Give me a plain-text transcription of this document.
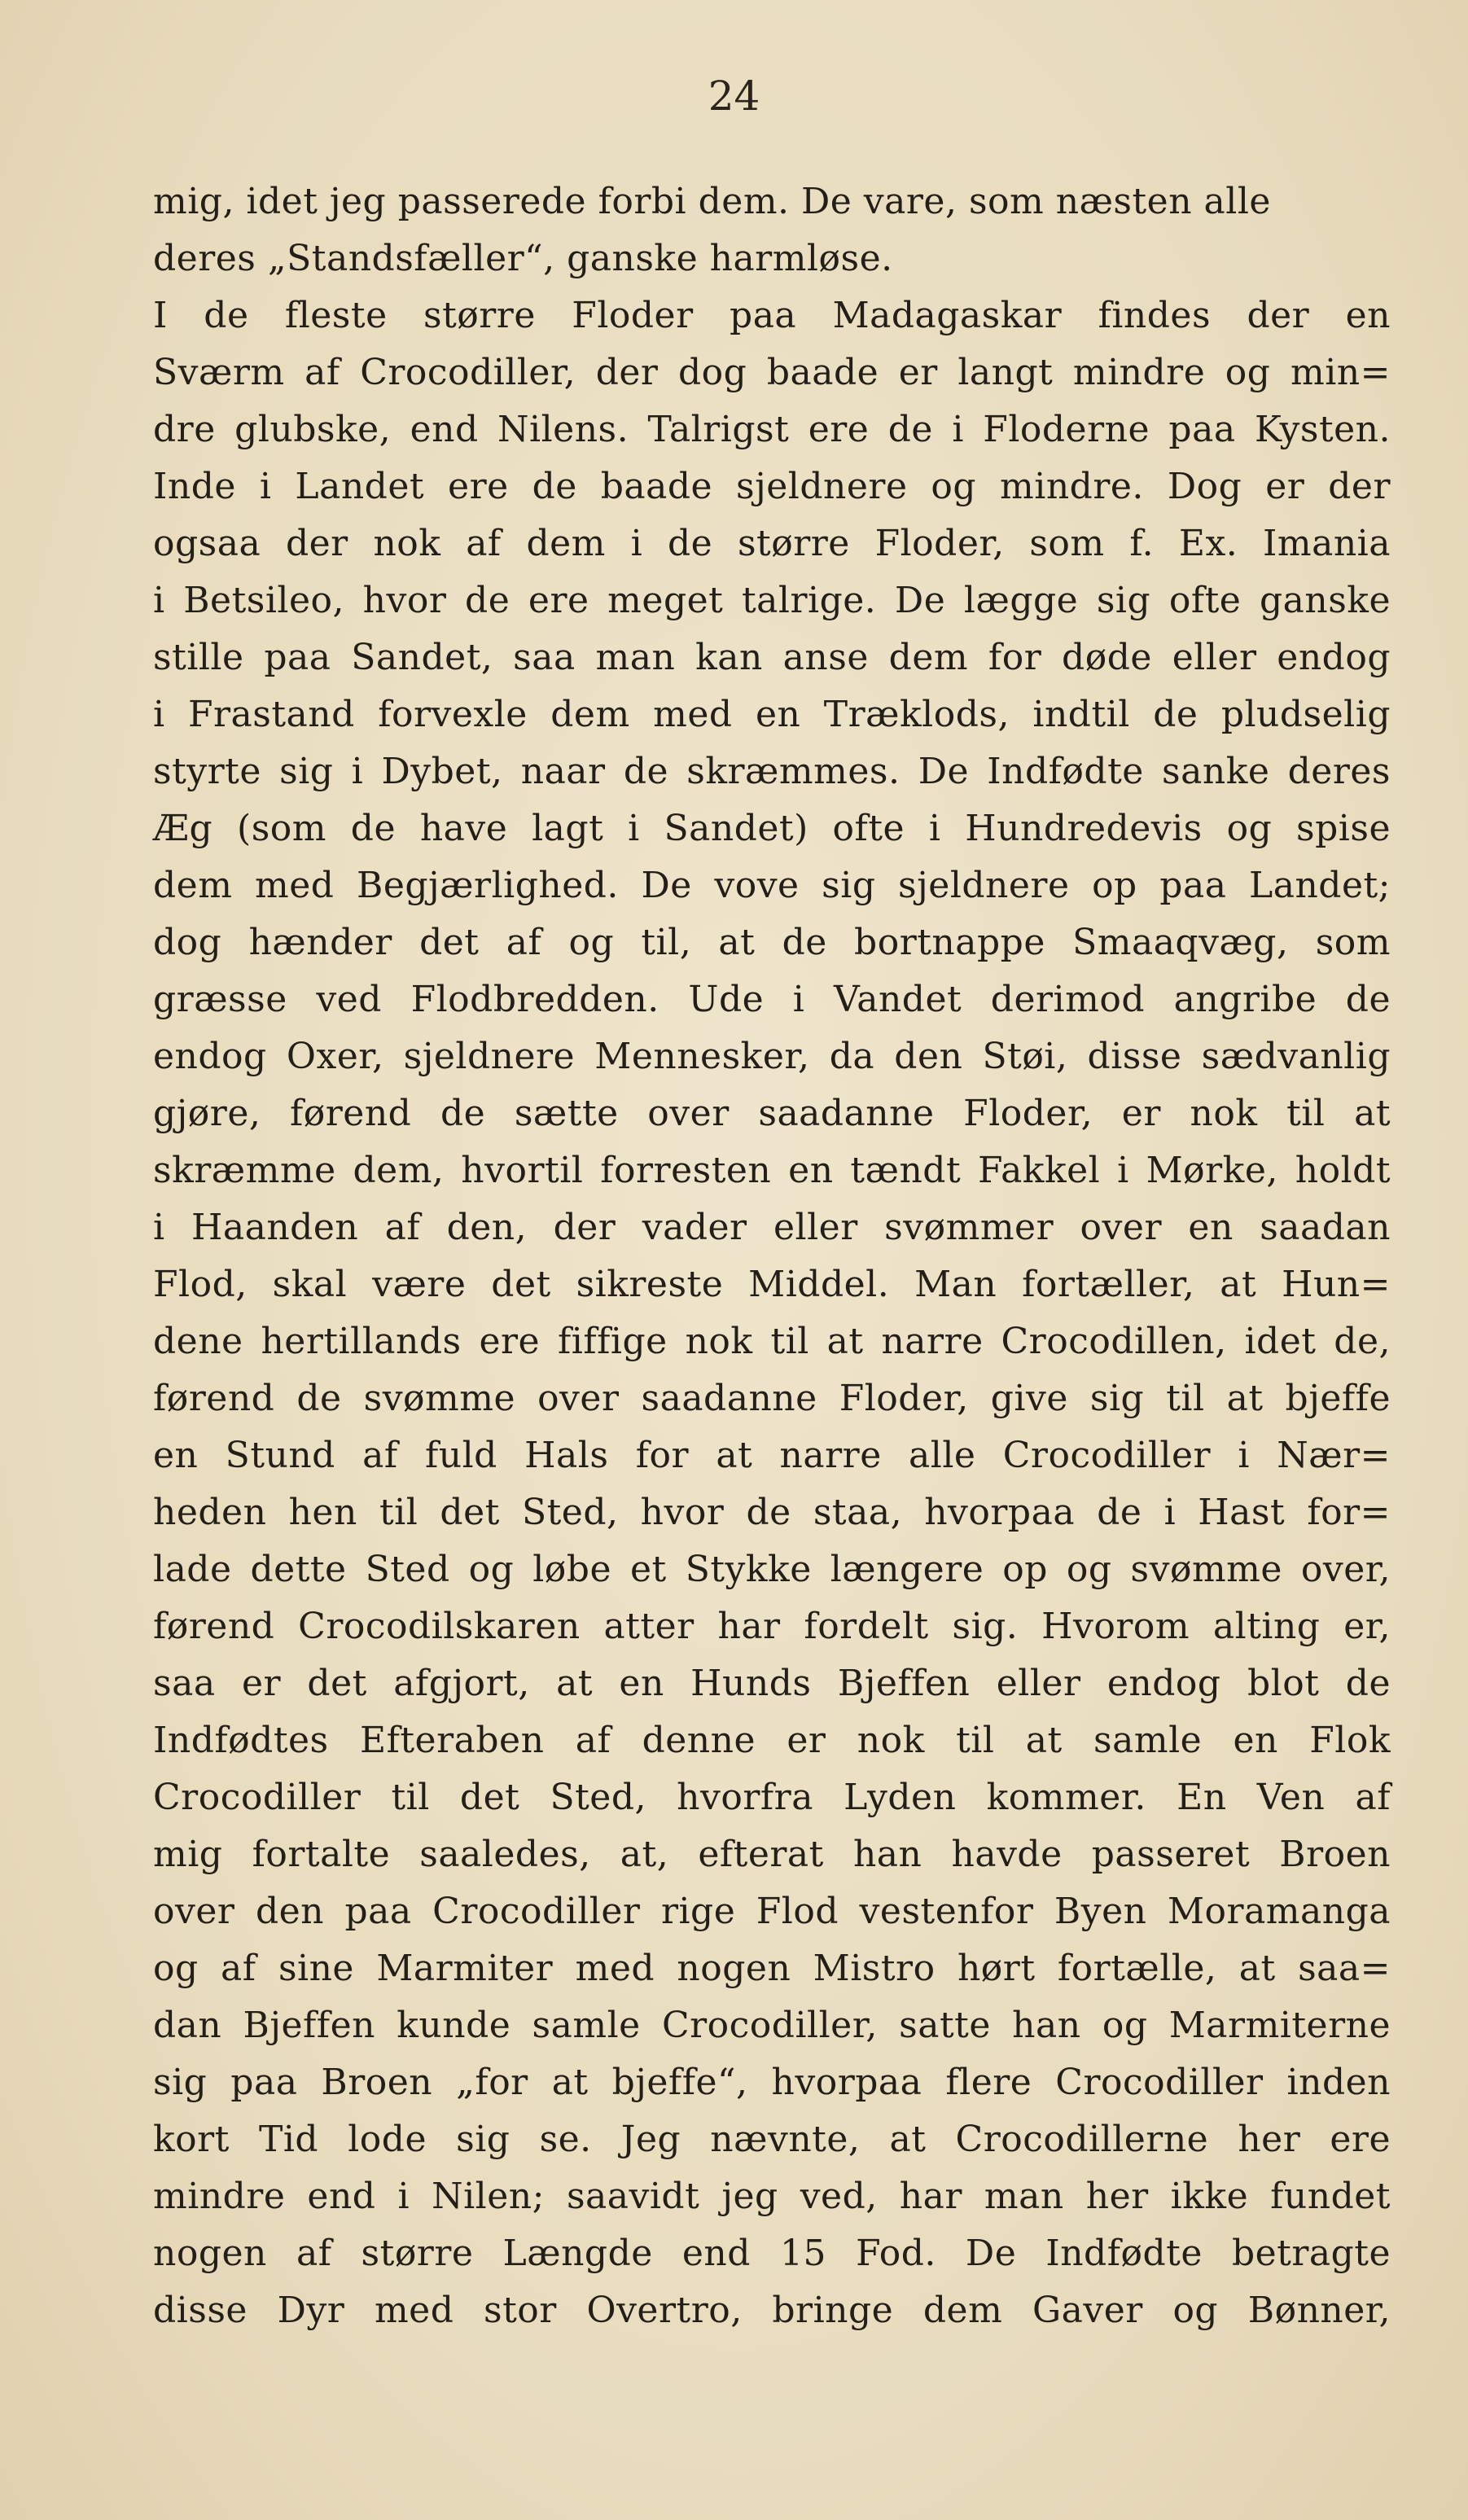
24
mig, idet jeg passerede forbi dem. De vare, som næsten alle
deres „Standsfæller“, ganske harmløse.
I de fleste større Floder paa Madagaskar findes der en
Sværm af Crocodiller, der dog baade er langt mindre og min=
dre glubske, end Nilens. Talrigst ere de i Floderne paa Kysten.
Inde i Landet ere de baade sjeldnere og mindre. Dog er der
ogsaa der nok af dem i de større Floder, som f. Ex. Imania
i Betsileo, hvor de ere meget talrige. De lægge sig ofte ganske
stille paa Sandet, saa man kan anse dem for døde eller endog
i Frastand forvexle dem med en Træklods, indtil de pludselig
styrte sig i Dybet, naar de skræmmes. De Indfødte sanke deres
Æg (som de have lagt i Sandet) ofte i Hundredevis og spise
dem med Begjærlighed. De vove sig sjeldnere op paa Landet;
dog hænder det af og til, at de bortnappe Smaaqvæg, som
græsse ved Flodbredden. Ude i Vandet derimod angribe de
endog Oxer, sjeldnere Mennesker, da den Støi, disse sædvanlig
gjøre, førend de sætte over saadanne Floder, er nok til at
skræmme dem, hvortil forresten en tændt Fakkel i Mørke, holdt
i Haanden af den, der vader eller svømmer over en saadan
Flod, skal være det sikreste Middel. Man fortæller, at Hun=
dene hertillands ere fiffige nok til at narre Crocodillen, idet de,
førend de svømme over saadanne Floder, give sig til at bjeffe
en Stund af fuld Hals for at narre alle Crocodiller i Nær=
heden hen til det Sted, hvor de staa, hvorpaa de i Hast for=
lade dette Sted og løbe et Stykke længere op og svømme over,
førend Crocodilskaren atter har fordelt sig. Hvorom alting er,
saa er det afgjort, at en Hunds Bjeffen eller endog blot de
Indfødtes Efteraben af denne er nok til at samle en Flok
Crocodiller til det Sted, hvorfra Lyden kommer. En Ven af
mig fortalte saaledes, at, efterat han havde passeret Broen
over den paa Crocodiller rige Flod vestenfor Byen Moramanga
og af sine Marmiter med nogen Mistro hørt fortælle, at saa=
dan Bjeffen kunde samle Crocodiller, satte han og Marmiterne
sig paa Broen „for at bjeffe“, hvorpaa flere Crocodiller inden
kort Tid lode sig se. Jeg nævnte, at Crocodillerne her ere
mindre end i Nilen; saavidt jeg ved, har man her ikke fundet
nogen af større Længde end 15 Fod. De Indfødte betragte
disse Dyr med stor Overtro, bringe dem Gaver og Bønner,
